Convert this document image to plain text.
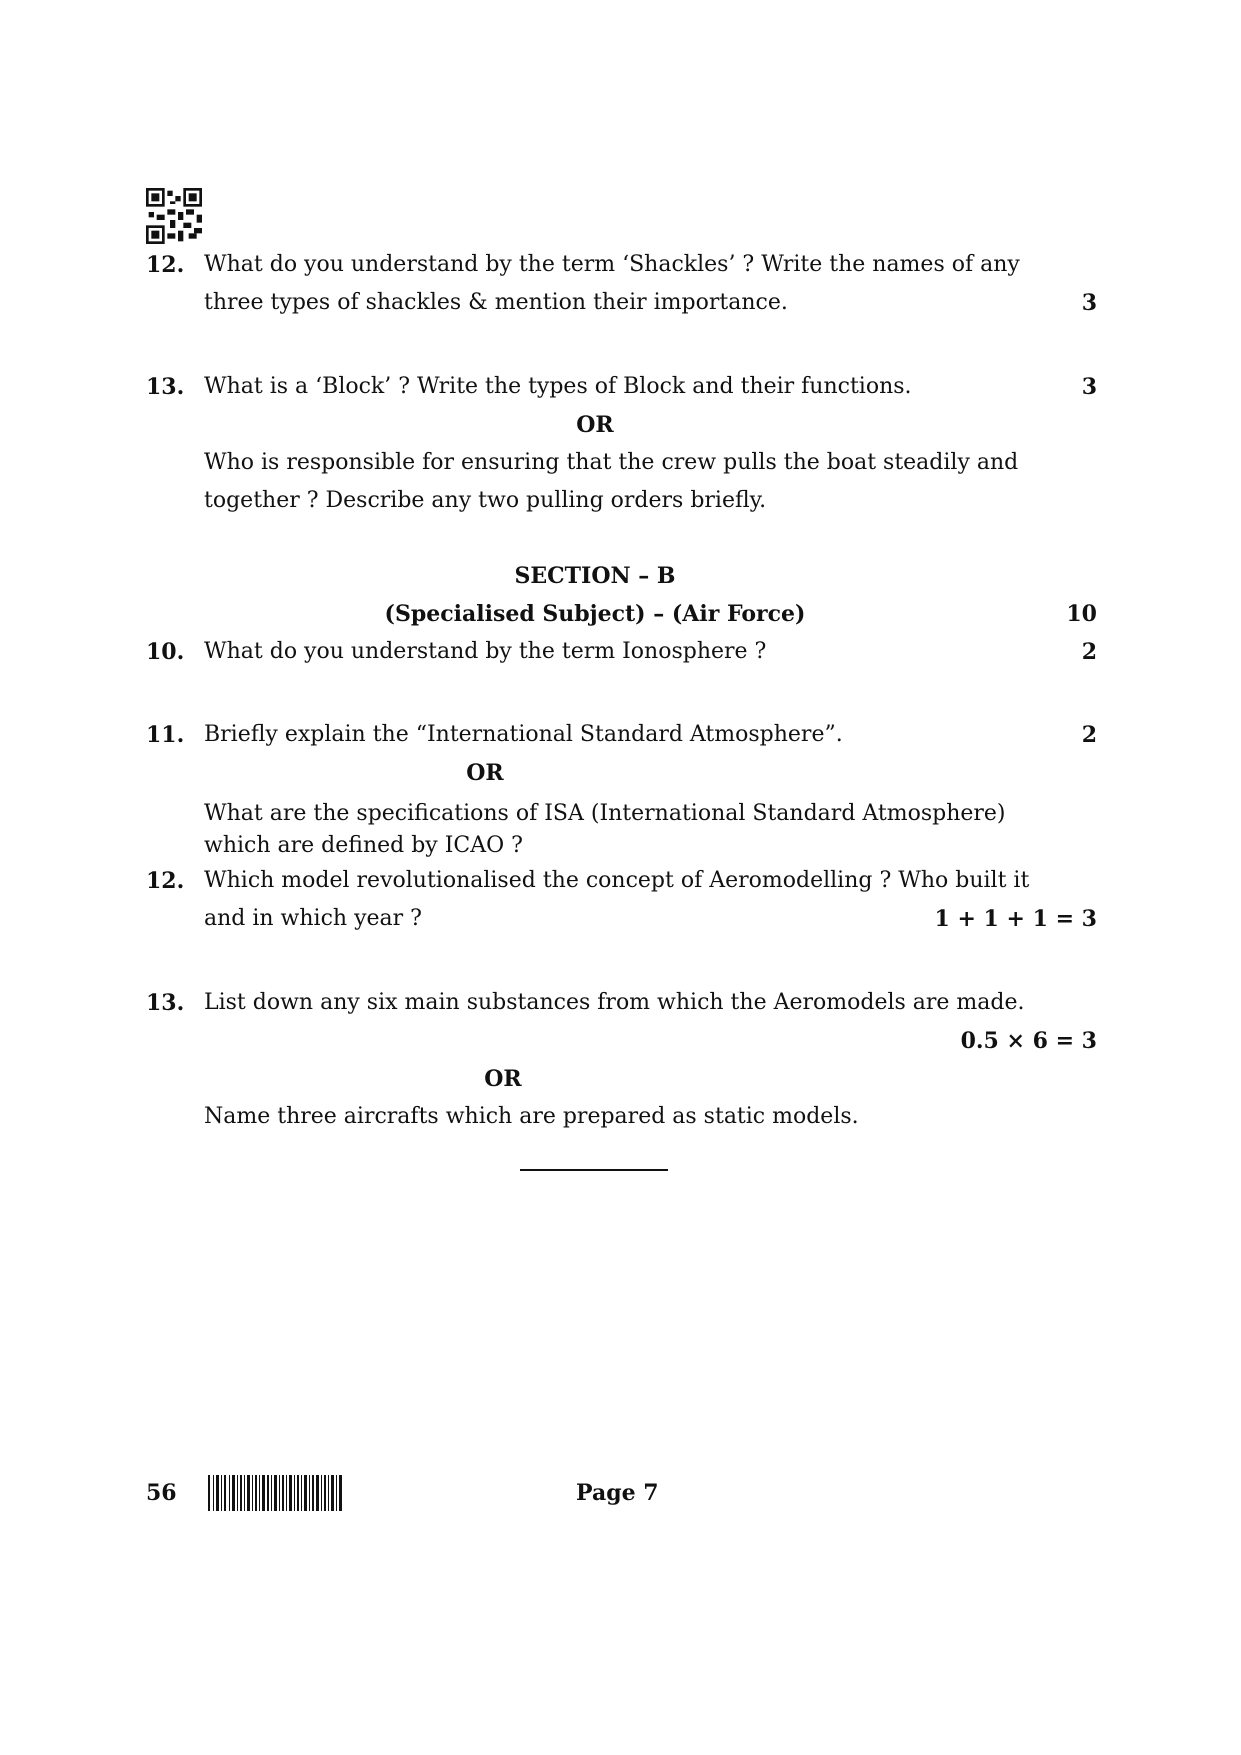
12. What do you understand by the term ‘Shackles’ ? Write the names of any
three types of shackles & mention their importance.	3
13. What is a ‘Block’ ? Write the types of Block and their functions.	3
OR
Who is responsible for ensuring that the crew pulls the boat steadily and
together ? Describe any two pulling orders briefly.
SECTION – B
(Specialised Subject) – (Air Force)	10
10. What do you understand by the term Ionosphere ?	2
11. Briefly explain the “International Standard Atmosphere”.	2
OR
What are the specifications of ISA (International Standard Atmosphere)
which are defined by ICAO ?
12. Which model revolutionalised the concept of Aeromodelling ? Who built it
and in which year ?	1 + 1 + 1 = 3
13. List down any six main substances from which the Aeromodels are made.
0.5 × 6 = 3
OR
Name three aircrafts which are prepared as static models.
56	Page 7
